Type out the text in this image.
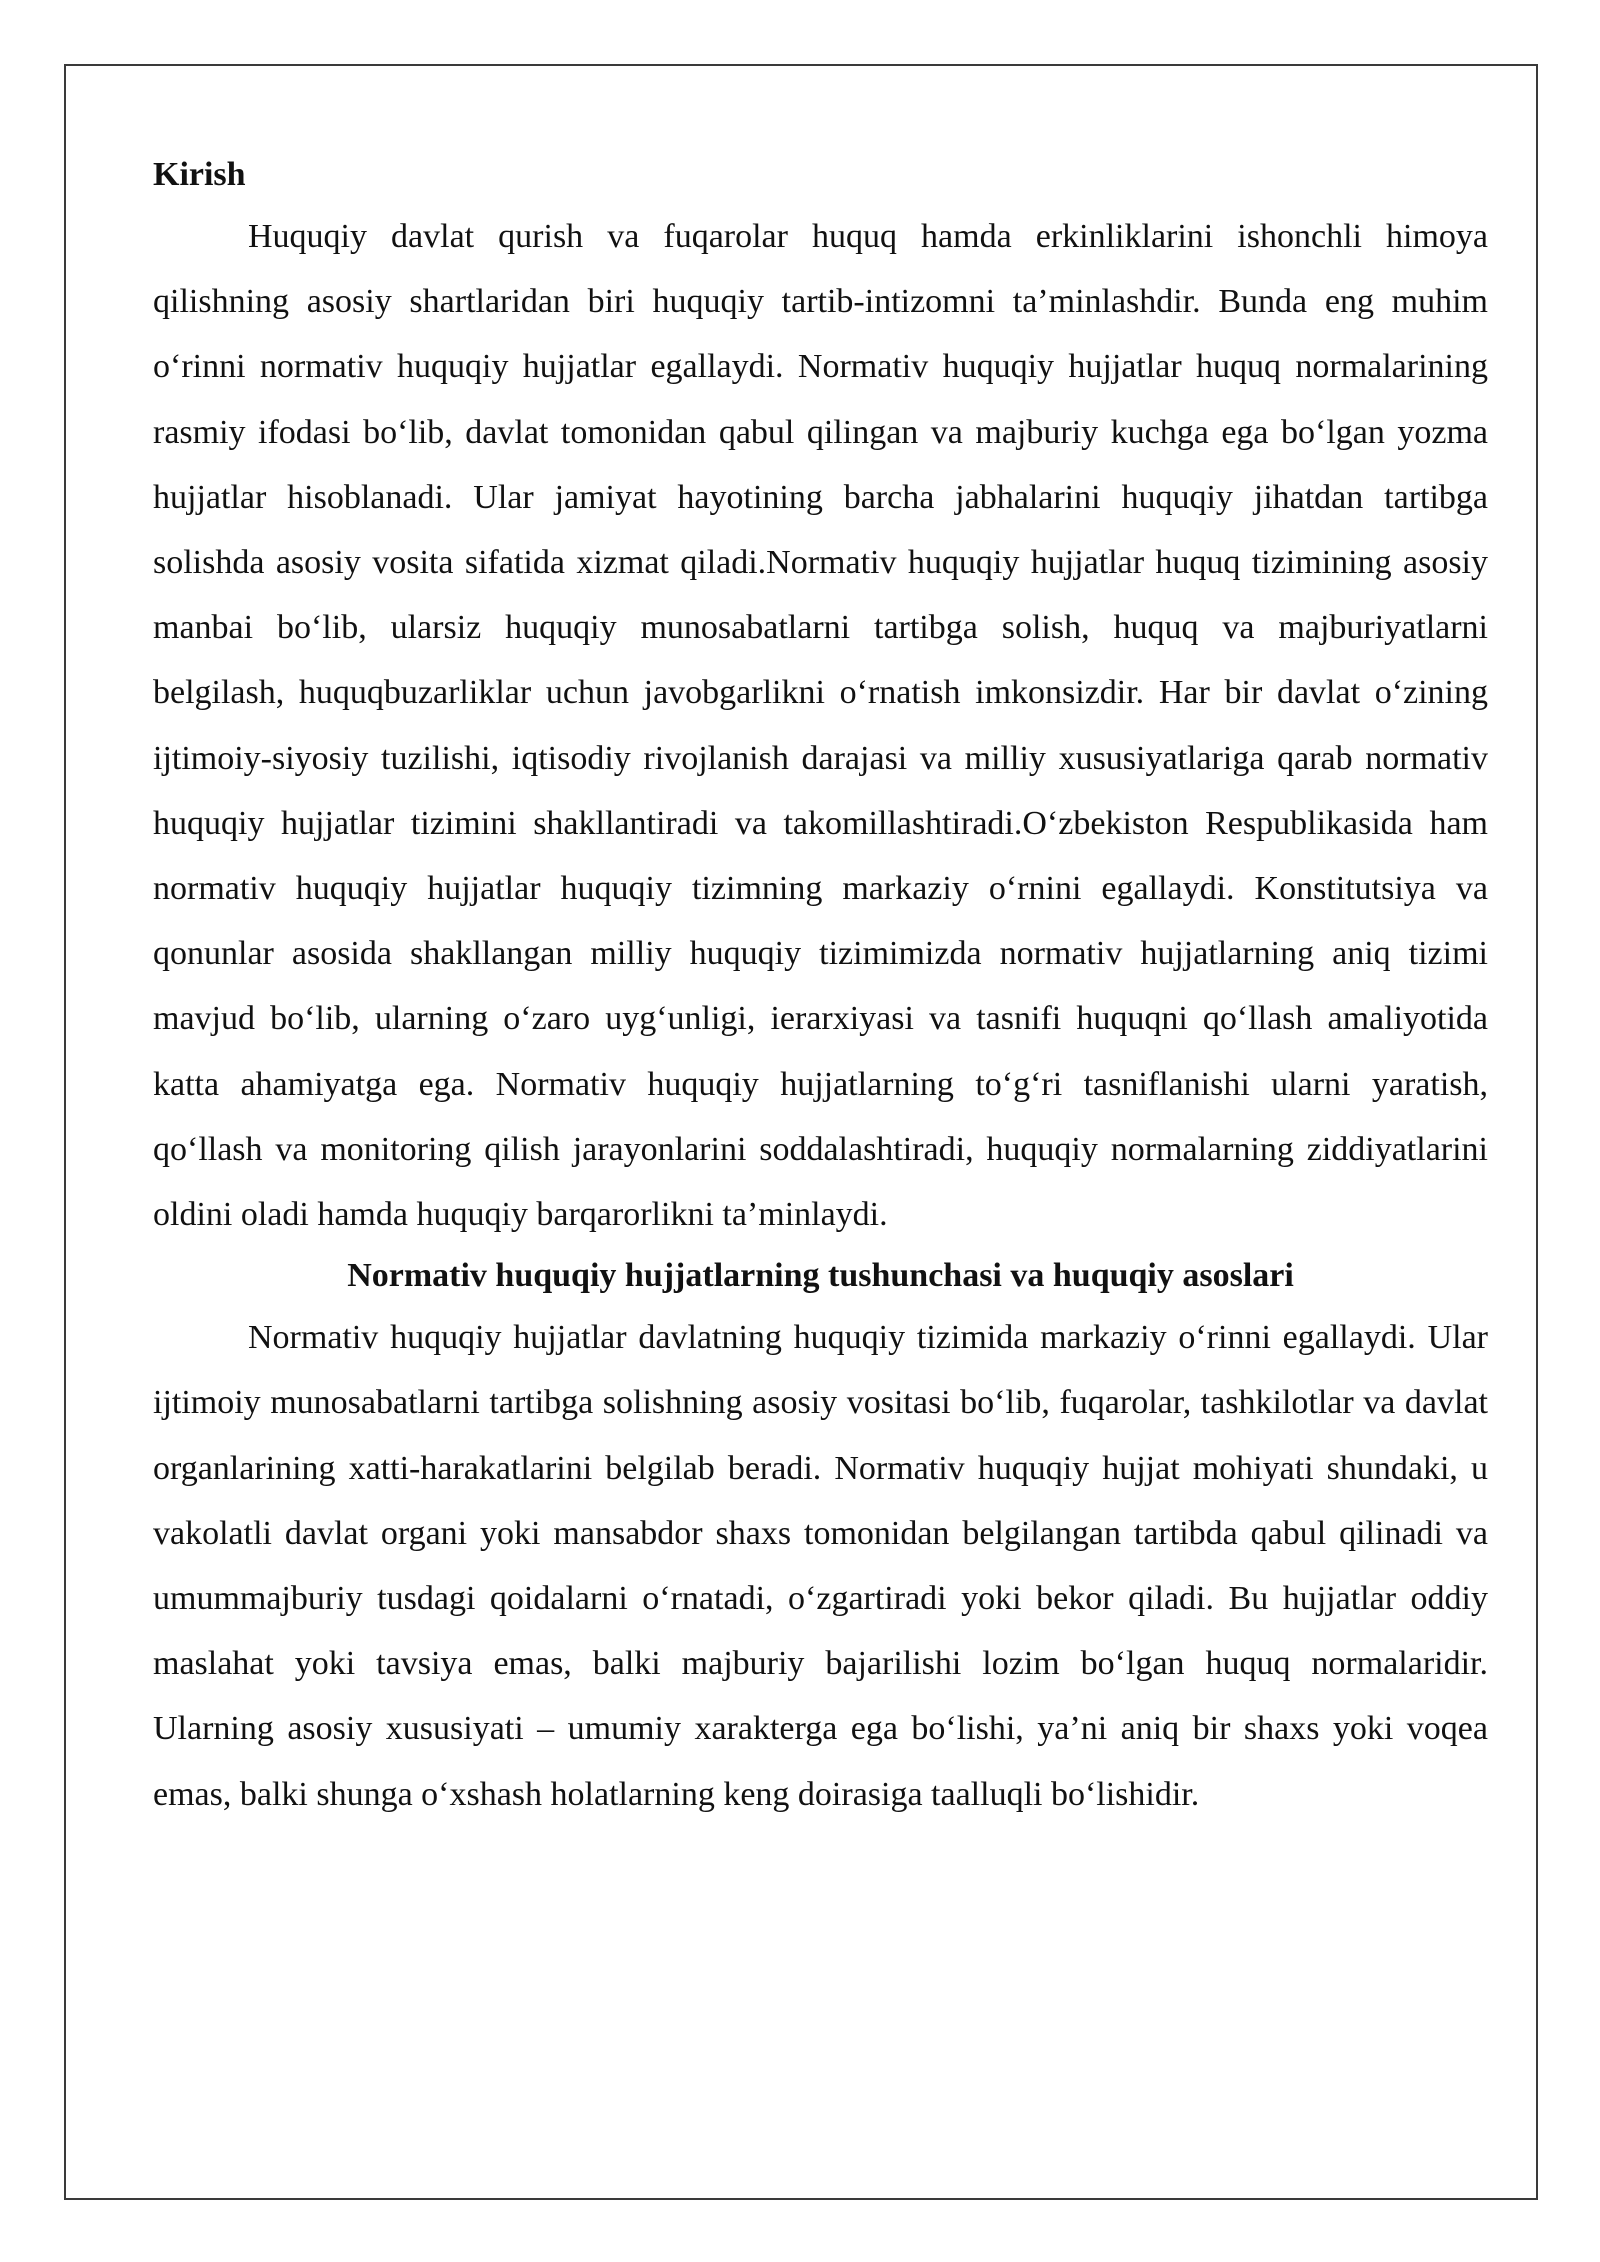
Kirish

Huquqiy davlat qurish va fuqarolar huquq hamda erkinliklarini ishonchli himoya qilishning asosiy shartlaridan biri huquqiy tartib-intizomni ta’minlashdir. Bunda eng muhim o‘rinni normativ huquqiy hujjatlar egallaydi. Normativ huquqiy hujjatlar huquq normalarining rasmiy ifodasi bo‘lib, davlat tomonidan qabul qilingan va majburiy kuchga ega bo‘lgan yozma hujjatlar hisoblanadi. Ular jamiyat hayotining barcha jabhalarini huquqiy jihatdan tartibga solishda asosiy vosita sifatida xizmat qiladi.Normativ huquqiy hujjatlar huquq tizimining asosiy manbai bo‘lib, ularsiz huquqiy munosabatlarni tartibga solish, huquq va majburiyatlarni belgilash, huquqbuzarliklar uchun javobgarlikni o‘rnatish imkonsizdir. Har bir davlat o‘zining ijtimoiy-siyosiy tuzilishi, iqtisodiy rivojlanish darajasi va milliy xususiyatlariga qarab normativ huquqiy hujjatlar tizimini shakllantiradi va takomillashtiradi.O‘zbekiston Respublikasida ham normativ huquqiy hujjatlar huquqiy tizimning markaziy o‘rnini egallaydi. Konstitutsiya va qonunlar asosida shakllangan milliy huquqiy tizimimizda normativ hujjatlarning aniq tizimi mavjud bo‘lib, ularning o‘zaro uyg‘unligi, ierarxiyasi va tasnifi huquqni qo‘llash amaliyotida katta ahamiyatga ega. Normativ huquqiy hujjatlarning to‘g‘ri tasniflanishi ularni yaratish, qo‘llash va monitoring qilish jarayonlarini soddalashtiradi, huquqiy normalarning ziddiyatlarini oldini oladi hamda huquqiy barqarorlikni ta’minlaydi.

Normativ huquqiy hujjatlarning tushunchasi va huquqiy asoslari

Normativ huquqiy hujjatlar davlatning huquqiy tizimida markaziy o‘rinni egallaydi. Ular ijtimoiy munosabatlarni tartibga solishning asosiy vositasi bo‘lib, fuqarolar, tashkilotlar va davlat organlarining xatti-harakatlarini belgilab beradi. Normativ huquqiy hujjat mohiyati shundaki, u vakolatli davlat organi yoki mansabdor shaxs tomonidan belgilangan tartibda qabul qilinadi va umummajburiy tusdagi qoidalarni o‘rnatadi, o‘zgartiradi yoki bekor qiladi. Bu hujjatlar oddiy maslahat yoki tavsiya emas, balki majburiy bajarilishi lozim bo‘lgan huquq normalaridir. Ularning asosiy xususiyati – umumiy xarakterga ega bo‘lishi, ya’ni aniq bir shaxs yoki voqea emas, balki shunga o‘xshash holatlarning keng doirasiga taalluqli bo‘lishidir.
